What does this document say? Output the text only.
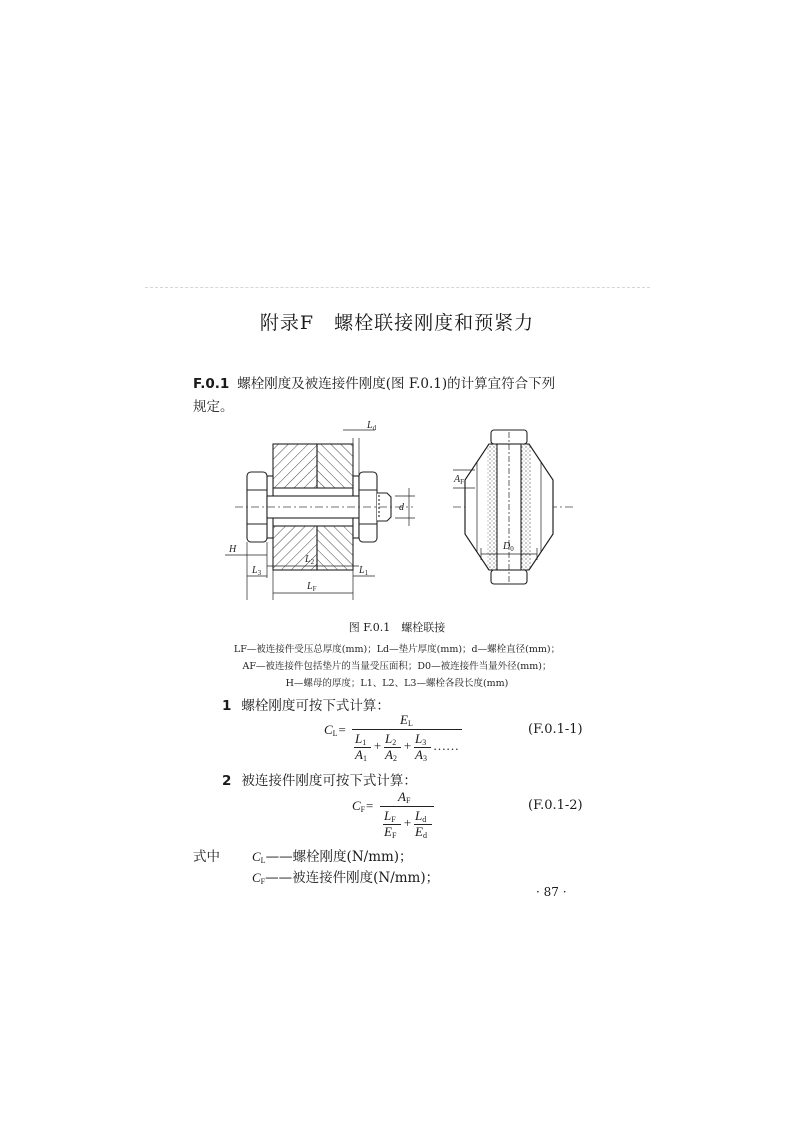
附录F　螺栓联接刚度和预紧力
F.0.1 螺栓刚度及被连接件刚度(图 F.0.1)的计算宜符合下列
规定。
$L_d$
d
H
$L_2$
$L_3$	$L_1$
$L_F$
$A_F$
$D_0$
图 F.0.1　螺栓联接
LF—被连接件受压总厚度(mm)；Ld—垫片厚度(mm)；d—螺栓直径(mm)；
AF—被连接件包括垫片的当量受压面积；D0—被连接件当量外径(mm)；
H—螺母的厚度；L1、L2、L3—螺栓各段长度(mm)
1 螺栓刚度可按下式计算：
$C_L=$
$E_L$
$L_1$
$A_1$
+ $L_2$
$A_2$
+ $L_3$
$A_3$
……
(F.0.1-1)
2 被连接件刚度可按下式计算：
$C_F=$
$A_F$
$L_F$
$E_F$
+ $L_d$
$E_d$
(F.0.1-2)
式中 $C_L——$螺栓刚度(N/mm)；
$C_F——$被连接件刚度(N/mm)；
· 87 ·
